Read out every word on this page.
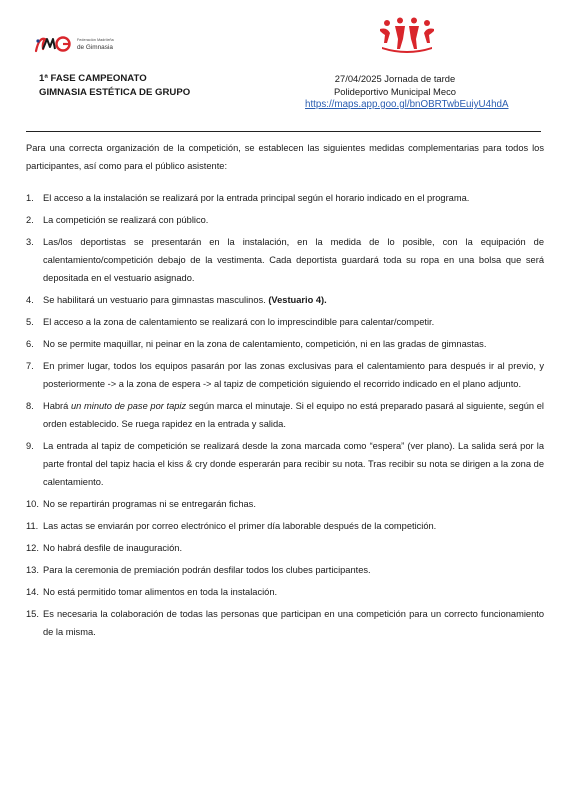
Federación Madrileña
de Gimnasia
1ª FASE CAMPEONATO
GIMNASIA ESTÉTICA DE GRUPO
27/04/2025 Jornada de tarde
Polideportivo Municipal Meco
https://maps.app.goo.gl/bnOBRTwbEuiyU4hdA
Para una correcta organización de la competición, se establecen las siguientes medidas complementarias para todos los participantes, así como para el público asistente:
1. El acceso a la instalación se realizará por la entrada principal según el horario indicado en el programa.
2. La competición se realizará con público.
3. Las/los deportistas se presentarán en la instalación, en la medida de lo posible, con la equipación de calentamiento/competición debajo de la vestimenta. Cada deportista guardará toda su ropa en una bolsa que será depositada en el vestuario asignado.
4. Se habilitará un vestuario para gimnastas masculinos. (Vestuario 4).
5. El acceso a la zona de calentamiento se realizará con lo imprescindible para calentar/competir.
6. No se permite maquillar, ni peinar en la zona de calentamiento, competición, ni en las gradas de gimnastas.
7. En primer lugar, todos los equipos pasarán por las zonas exclusivas para el calentamiento para después ir al previo, y posteriormente -> a la zona de espera -> al tapiz de competición siguiendo el recorrido indicado en el plano adjunto.
8. Habrá un minuto de pase por tapiz según marca el minutaje. Si el equipo no está preparado pasará al siguiente, según el orden establecido. Se ruega rapidez en la entrada y salida.
9. La entrada al tapiz de competición se realizará desde la zona marcada como “espera” (ver plano). La salida será por la parte frontal del tapiz hacia el kiss & cry donde esperarán para recibir su nota. Tras recibir su nota se dirigen a la zona de calentamiento.
10. No se repartirán programas ni se entregarán fichas.
11. Las actas se enviarán por correo electrónico el primer día laborable después de la competición.
12. No habrá desfile de inauguración.
13. Para la ceremonia de premiación podrán desfilar todos los clubes participantes.
14. No está permitido tomar alimentos en toda la instalación.
15. Es necesaria la colaboración de todas las personas que participan en una competición para un correcto funcionamiento de la misma.
